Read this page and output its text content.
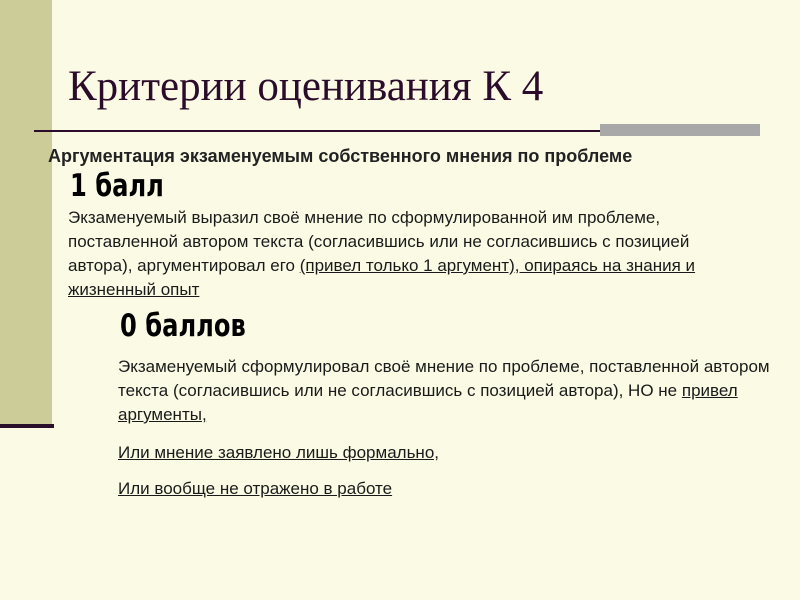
Критерии оценивания К 4
Аргументация экзаменуемым собственного мнения по проблеме
1 балл
Экзаменуемый выразил своё мнение по сформулированной им проблеме, поставленной автором текста (согласившись или не согласившись с позицией автора), аргументировал его (привел только 1 аргумент), опираясь на знания и жизненный опыт
0 баллов
Экзаменуемый сформулировал своё мнение по проблеме, поставленной автором текста (согласившись или не согласившись с позицией автора), НО не привел аргументы,
Или мнение заявлено лишь формально,
Или вообще не отражено в работе
